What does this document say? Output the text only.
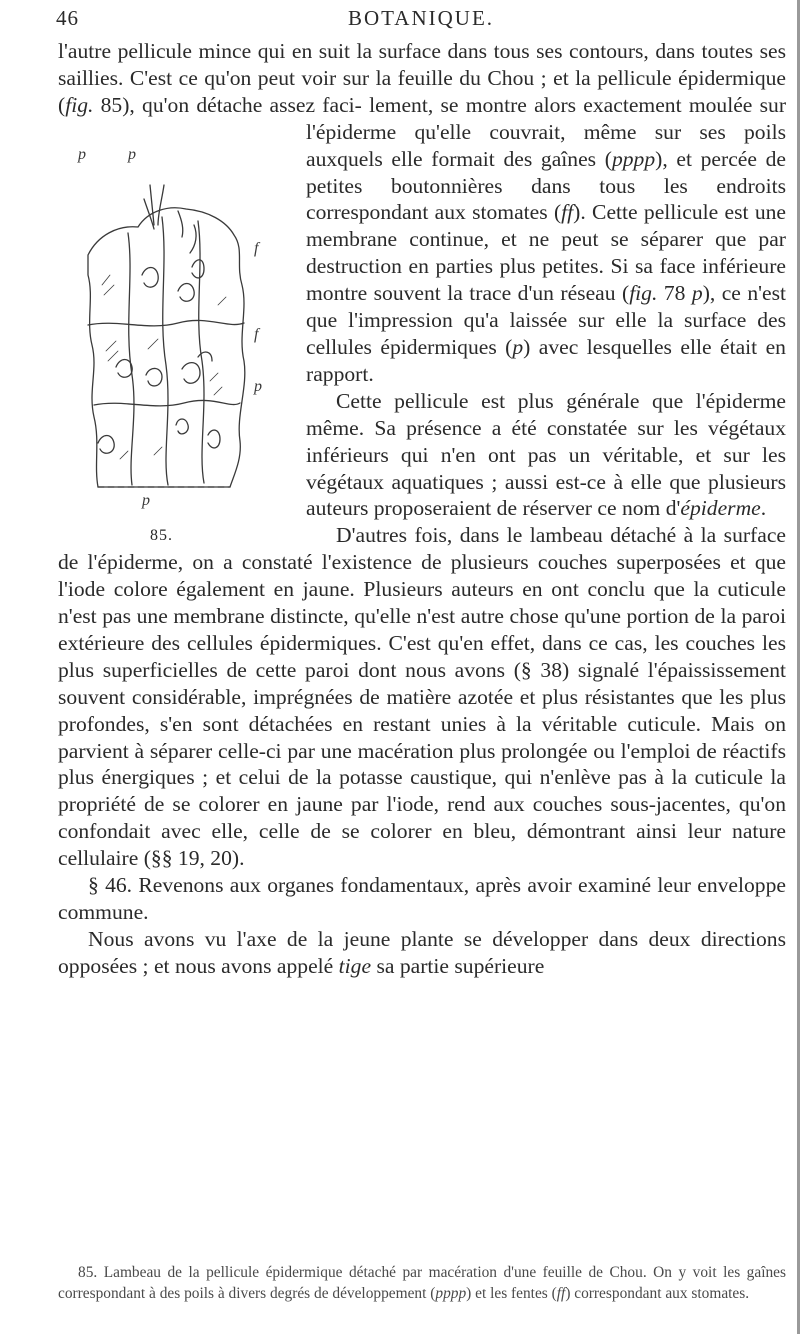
46	BOTANIQUE.

l'autre pellicule mince qui en suit la surface dans tous ses contours, dans toutes ses saillies. C'est ce qu'on peut voir sur la feuille du Chou ; et la pellicule épidermique (fig. 85), qu'on détache assez faci- lement, se montre alors exactement moulée sur l'épiderme qu'elle
p	p
f
f
p
p
85.
couvrait, même sur ses poils auxquels elle formait des gaînes (pppp), et percée de petites boutonnières dans tous les endroits correspondant aux stomates (ff). Cette pellicule est une membrane continue, et ne peut se séparer que par destruction en parties plus petites. Si sa face inférieure montre souvent la trace d'un réseau (fig. 78 p), ce n'est que l'impression qu'a laissée sur elle la surface des cellules épidermiques (p) avec lesquelles elle était en rapport.

Cette pellicule est plus générale que l'épiderme même. Sa présence a été constatée sur les végétaux inférieurs qui n'en ont pas un véritable, et sur les végétaux aquatiques ; aussi est-ce à elle que plusieurs auteurs proposeraient de réserver ce nom d'épiderme.

D'autres fois, dans le lambeau détaché à la surface de l'épiderme, on a constaté l'existence de plusieurs couches superposées et que l'iode colore également en jaune. Plusieurs auteurs en ont conclu que la cuticule n'est pas une membrane distincte, qu'elle n'est autre chose qu'une portion de la paroi extérieure des cellules épidermiques. C'est qu'en effet, dans ce cas, les couches les plus superficielles de cette paroi dont nous avons (§ 38) signalé l'épaississement souvent considérable, imprégnées de matière azotée et plus résistantes que les plus profondes, s'en sont détachées en restant unies à la véritable cuticule. Mais on parvient à séparer celle-ci par une macération plus prolongée ou l'emploi de réactifs plus énergiques ; et celui de la potasse caustique, qui n'enlève pas à la cuticule la propriété de se colorer en jaune par l'iode, rend aux couches sous-jacentes, qu'on confondait avec elle, celle de se colorer en bleu, démontrant ainsi leur nature cellulaire (§§ 19, 20).

§ 46. Revenons aux organes fondamentaux, après avoir examiné leur enveloppe commune.

Nous avons vu l'axe de la jeune plante se développer dans deux directions opposées ; et nous avons appelé tige sa partie supérieure

85. Lambeau de la pellicule épidermique détaché par macération d'une feuille de Chou. On y voit les gaînes correspondant à des poils à divers degrés de développement (pppp) et les fentes (ff) correspondant aux stomates.
